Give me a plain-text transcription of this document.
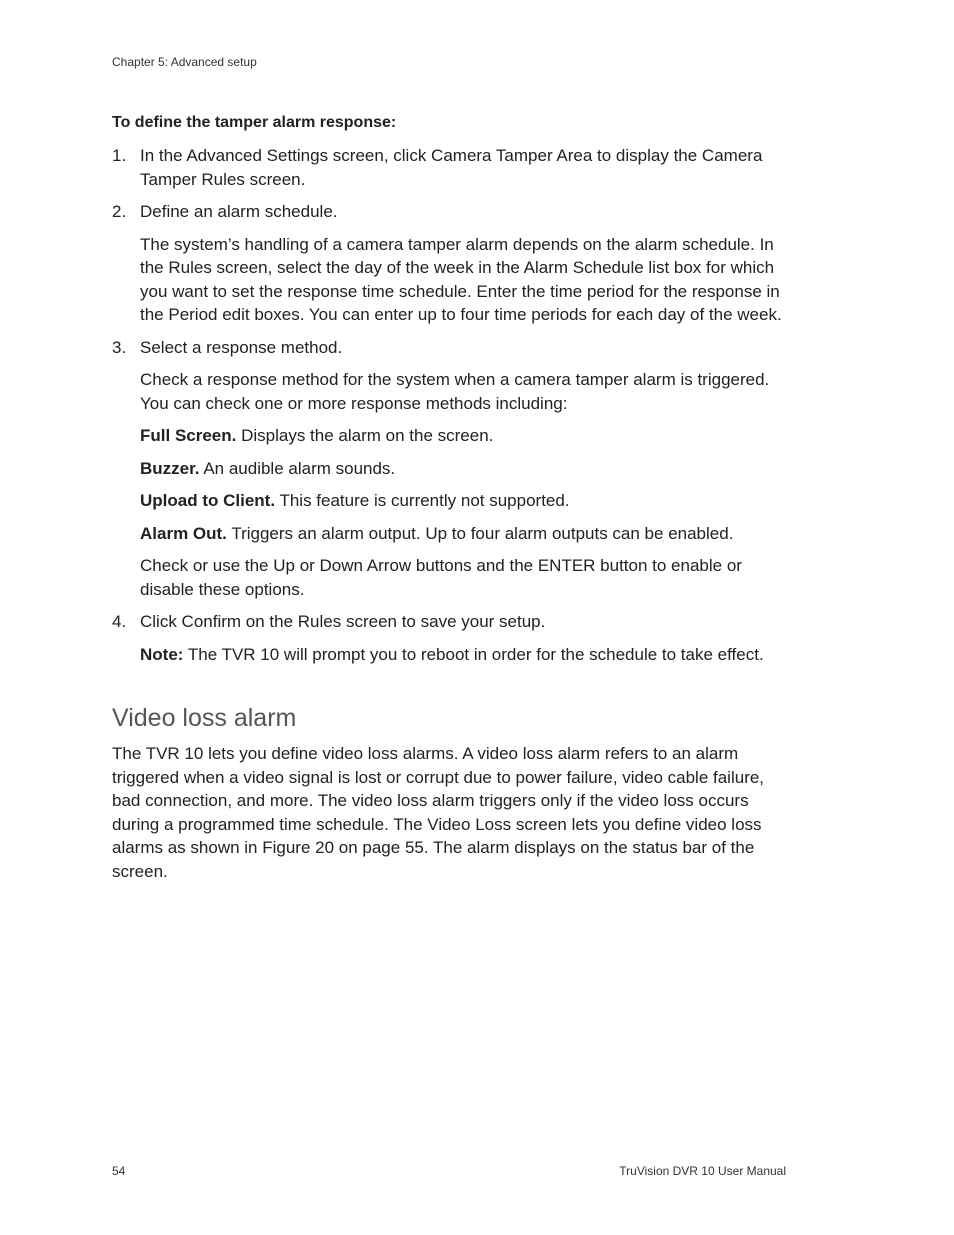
Chapter 5: Advanced setup
To define the tamper alarm response:
1. In the Advanced Settings screen, click Camera Tamper Area to display the Camera Tamper Rules screen.
2. Define an alarm schedule.
The system’s handling of a camera tamper alarm depends on the alarm schedule. In the Rules screen, select the day of the week in the Alarm Schedule list box for which you want to set the response time schedule. Enter the time period for the response in the Period edit boxes. You can enter up to four time periods for each day of the week.
3. Select a response method.
Check a response method for the system when a camera tamper alarm is triggered. You can check one or more response methods including:
Full Screen. Displays the alarm on the screen.
Buzzer. An audible alarm sounds.
Upload to Client. This feature is currently not supported.
Alarm Out. Triggers an alarm output. Up to four alarm outputs can be enabled.
Check or use the Up or Down Arrow buttons and the ENTER button to enable or disable these options.
4. Click Confirm on the Rules screen to save your setup.
Note: The TVR 10 will prompt you to reboot in order for the schedule to take effect.
Video loss alarm

The TVR 10 lets you define video loss alarms. A video loss alarm refers to an alarm triggered when a video signal is lost or corrupt due to power failure, video cable failure, bad connection, and more. The video loss alarm triggers only if the video loss occurs during a programmed time schedule. The Video Loss screen lets you define video loss alarms as shown in Figure 20 on page 55. The alarm displays on the status bar of the screen.

54	TruVision DVR 10 User Manual
